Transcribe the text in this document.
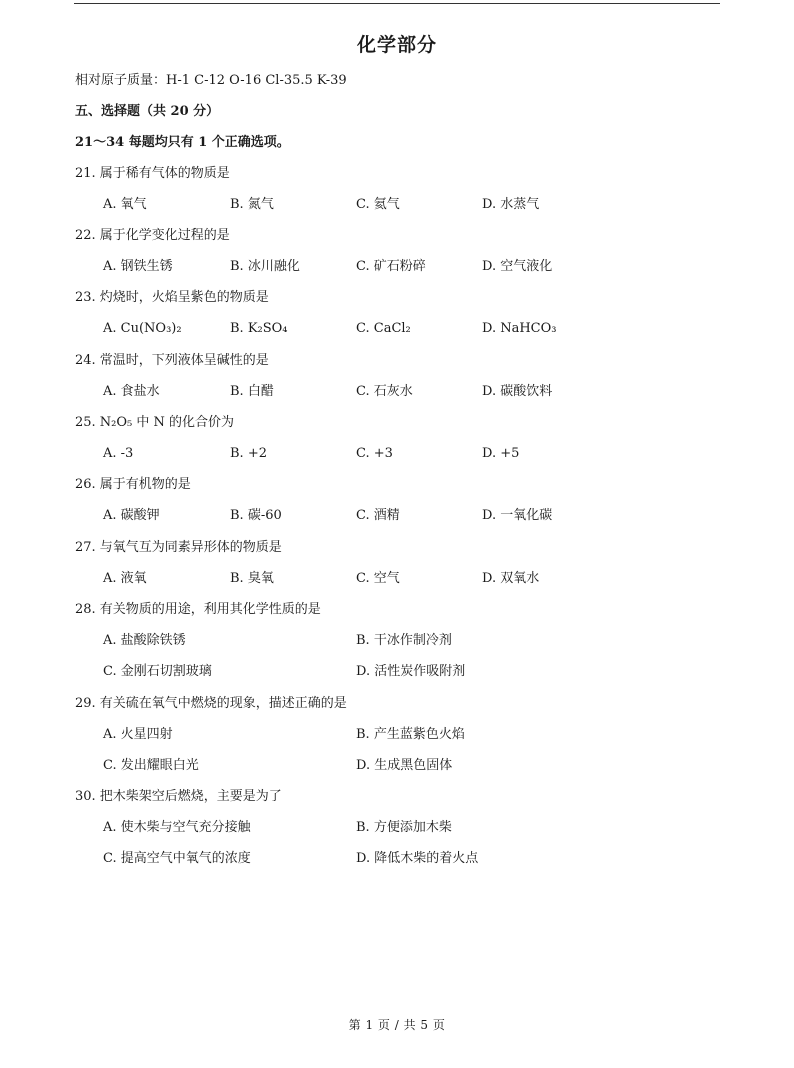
化学部分
相对原子质量：H-1 C-12 O-16 Cl-35.5 K-39
五、选择题（共 20 分）
21～34 每题均只有 1 个正确选项。
21. 属于稀有气体的物质是
A. 氧气	B. 氮气	C. 氦气	D. 水蒸气
22. 属于化学变化过程的是
A. 钢铁生锈	B. 冰川融化	C. 矿石粉碎	D. 空气液化
23. 灼烧时，火焰呈紫色的物质是
A. Cu(NO₃)₂	B. K₂SO₄	C. CaCl₂	D. NaHCO₃
24. 常温时，下列液体呈碱性的是
A. 食盐水	B. 白醋	C. 石灰水	D. 碳酸饮料
25. N₂O₅ 中 N 的化合价为
A. -3	B. +2	C. +3	D. +5
26. 属于有机物的是
A. 碳酸钾	B. 碳-60	C. 酒精	D. 一氧化碳
27. 与氧气互为同素异形体的物质是
A. 液氧	B. 臭氧	C. 空气	D. 双氧水
28. 有关物质的用途，利用其化学性质的是
A. 盐酸除铁锈	B. 干冰作制冷剂
C. 金刚石切割玻璃	D. 活性炭作吸附剂
29. 有关硫在氧气中燃烧的现象，描述正确的是
A. 火星四射	B. 产生蓝紫色火焰
C. 发出耀眼白光	D. 生成黑色固体
30. 把木柴架空后燃烧，主要是为了
A. 使木柴与空气充分接触	B. 方便添加木柴
C. 提高空气中氧气的浓度	D. 降低木柴的着火点
第 1 页 / 共 5 页
